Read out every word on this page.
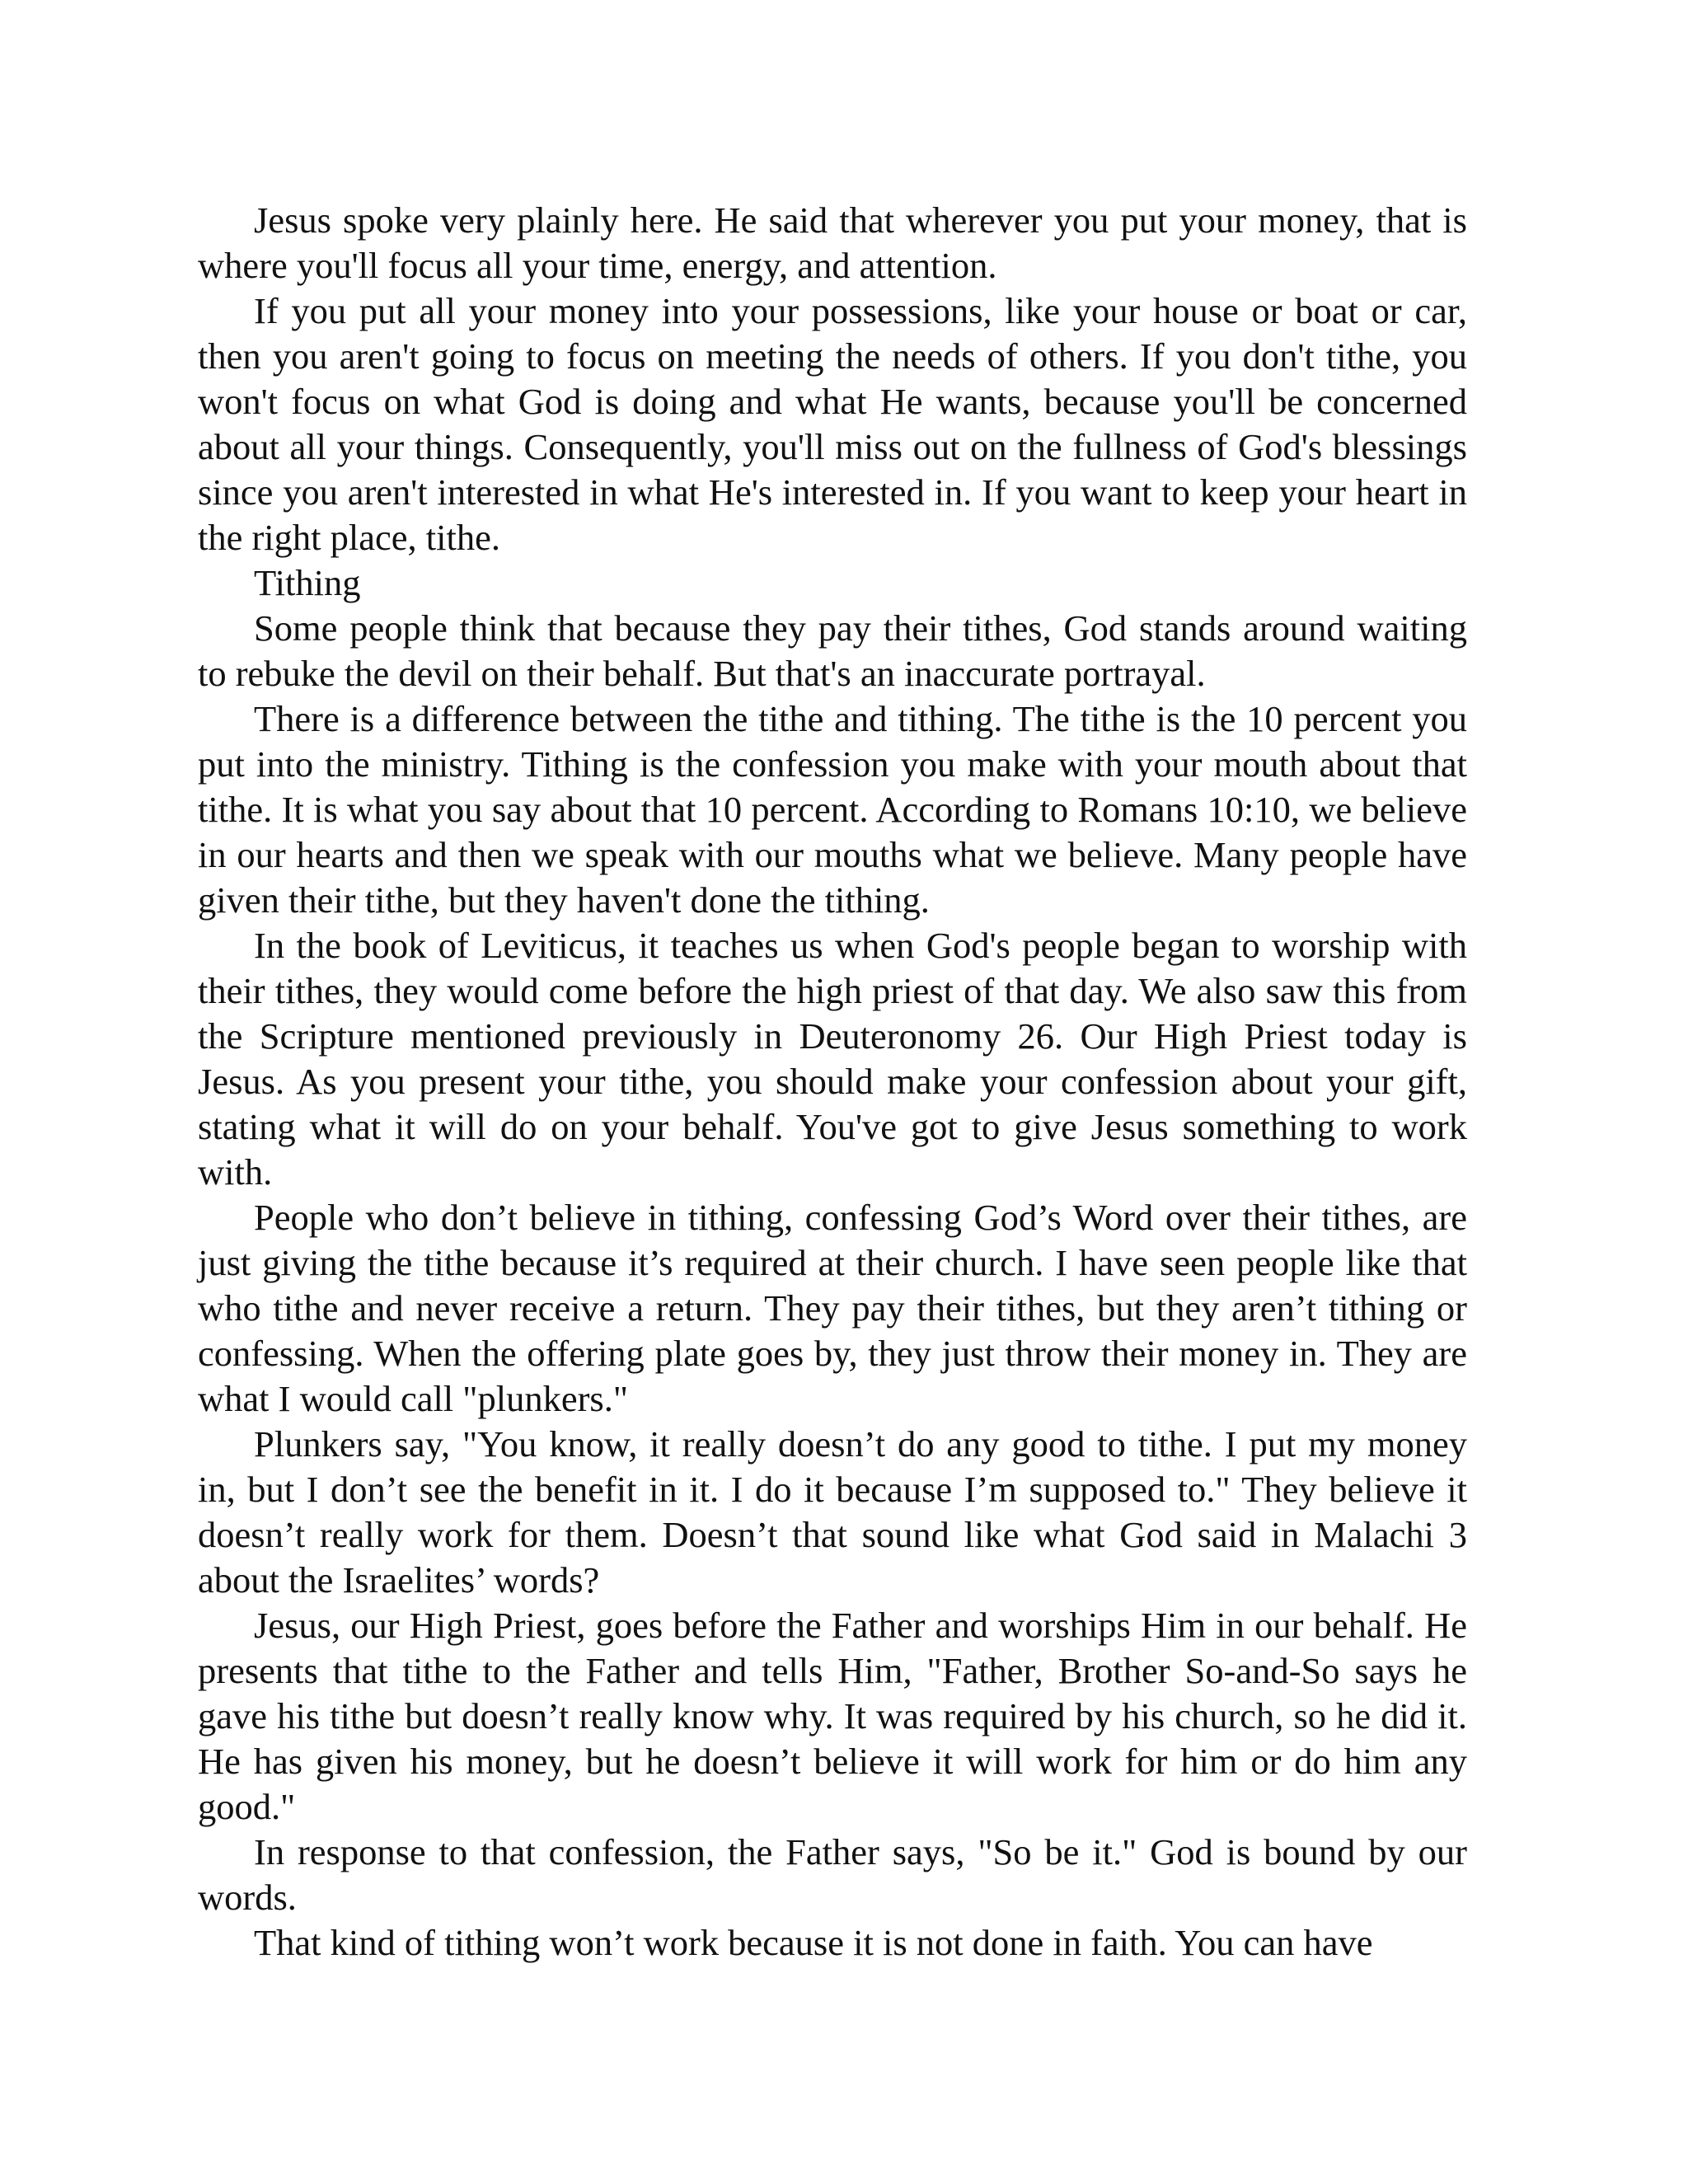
Jesus spoke very plainly here. He said that wherever you put your money, that is where you'll focus all your time, energy, and attention.

If you put all your money into your possessions, like your house or boat or car, then you aren't going to focus on meeting the needs of others. If you don't tithe, you won't focus on what God is doing and what He wants, because you'll be concerned about all your things. Consequently, you'll miss out on the fullness of God's blessings since you aren't interested in what He's interested in. If you want to keep your heart in the right place, tithe.

Tithing

Some people think that because they pay their tithes, God stands around waiting to rebuke the devil on their behalf. But that's an inaccurate portrayal.

There is a difference between the tithe and tithing. The tithe is the 10 percent you put into the ministry. Tithing is the confession you make with your mouth about that tithe. It is what you say about that 10 percent. According to Romans 10:10, we believe in our hearts and then we speak with our mouths what we believe. Many people have given their tithe, but they haven't done the tithing.

In the book of Leviticus, it teaches us when God's people began to worship with their tithes, they would come before the high priest of that day. We also saw this from the Scripture mentioned previously in Deuteronomy 26. Our High Priest today is Jesus. As you present your tithe, you should make your confession about your gift, stating what it will do on your behalf. You've got to give Jesus something to work with.

People who don’t believe in tithing, confessing God’s Word over their tithes, are just giving the tithe because it’s required at their church. I have seen people like that who tithe and never receive a return. They pay their tithes, but they aren’t tithing or confessing. When the offering plate goes by, they just throw their money in. They are what I would call "plunkers."

Plunkers say, "You know, it really doesn’t do any good to tithe. I put my money in, but I don’t see the benefit in it. I do it because I’m supposed to." They believe it doesn’t really work for them. Doesn’t that sound like what God said in Malachi 3 about the Israelites’ words?

Jesus, our High Priest, goes before the Father and worships Him in our behalf. He presents that tithe to the Father and tells Him, "Father, Brother So-and-So says he gave his tithe but doesn’t really know why. It was required by his church, so he did it. He has given his money, but he doesn’t believe it will work for him or do him any good."

In response to that confession, the Father says, "So be it." God is bound by our words.

That kind of tithing won’t work because it is not done in faith. You can have
